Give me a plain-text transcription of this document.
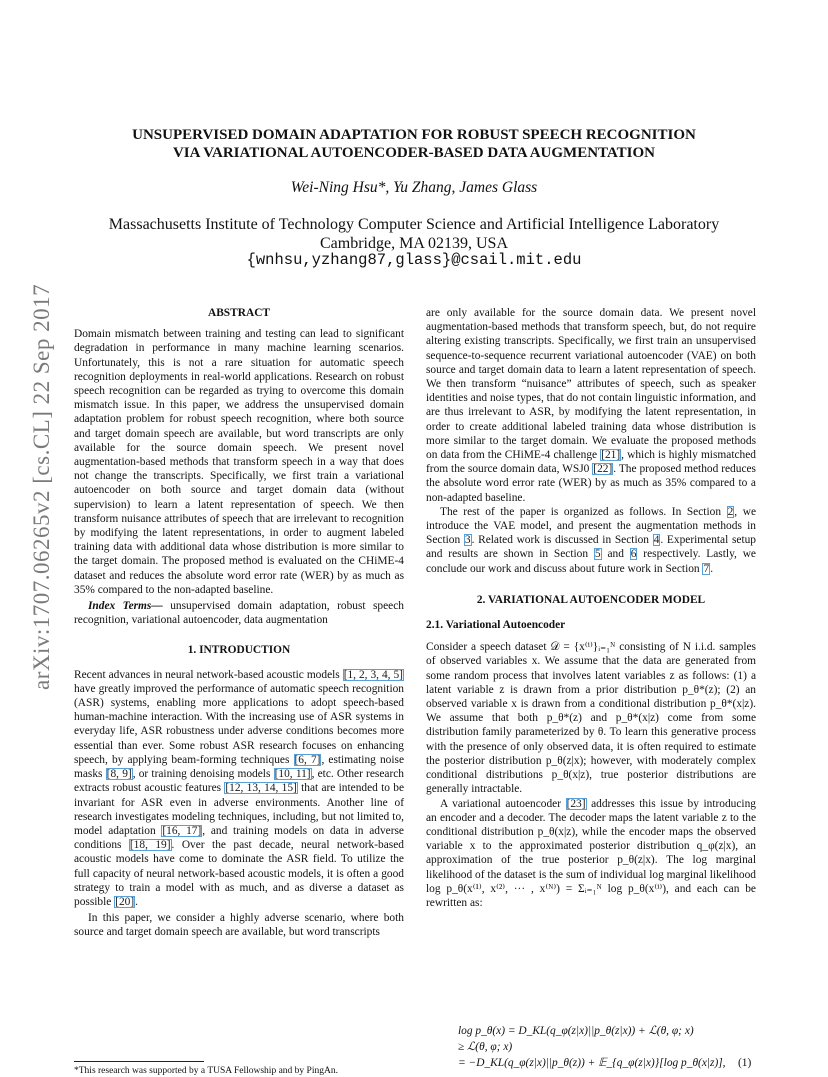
arXiv:1707.06265v2 [cs.CL] 22 Sep 2017
UNSUPERVISED DOMAIN ADAPTATION FOR ROBUST SPEECH RECOGNITION
VIA VARIATIONAL AUTOENCODER-BASED DATA AUGMENTATION
Wei-Ning Hsu*, Yu Zhang, James Glass
Massachusetts Institute of Technology Computer Science and Artificial Intelligence Laboratory
Cambridge, MA 02139, USA
{wnhsu,yzhang87,glass}@csail.mit.edu
ABSTRACT

Domain mismatch between training and testing can lead to significant degradation in performance in many machine learning scenarios. Unfortunately, this is not a rare situation for automatic speech recognition deployments in real-world applications. Research on robust speech recognition can be regarded as trying to overcome this domain mismatch issue. In this paper, we address the unsupervised domain adaptation problem for robust speech recognition, where both source and target domain speech are available, but word transcripts are only available for the source domain speech. We present novel augmentation-based methods that transform speech in a way that does not change the transcripts. Specifically, we first train a variational autoencoder on both source and target domain data (without supervision) to learn a latent representation of speech. We then transform nuisance attributes of speech that are irrelevant to recognition by modifying the latent representations, in order to augment labeled training data with additional data whose distribution is more similar to the target domain. The proposed method is evaluated on the CHiME-4 dataset and reduces the absolute word error rate (WER) by as much as 35% compared to the non-adapted baseline.

Index Terms— unsupervised domain adaptation, robust speech recognition, variational autoencoder, data augmentation

1. INTRODUCTION

Recent advances in neural network-based acoustic models [1, 2, 3, 4, 5] have greatly improved the performance of automatic speech recognition (ASR) systems, enabling more applications to adopt speech-based human-machine interaction. With the increasing use of ASR systems in everyday life, ASR robustness under adverse conditions becomes more essential than ever. Some robust ASR research focuses on enhancing speech, by applying beam-forming techniques [6, 7], estimating noise masks [8, 9], or training denoising models [10, 11], etc. Other research extracts robust acoustic features [12, 13, 14, 15] that are intended to be invariant for ASR even in adverse environments. Another line of research investigates modeling techniques, including, but not limited to, model adaptation [16, 17], and training models on data in adverse conditions [18, 19]. Over the past decade, neural network-based acoustic models have come to dominate the ASR field. To utilize the full capacity of neural network-based acoustic models, it is often a good strategy to train a model with as much, and as diverse a dataset as possible [20].

In this paper, we consider a highly adverse scenario, where both source and target domain speech are available, but word transcripts

*This research was supported by a TUSA Fellowship and by PingAn.

are only available for the source domain data. We present novel augmentation-based methods that transform speech, but, do not require altering existing transcripts. Specifically, we first train an unsupervised sequence-to-sequence recurrent variational autoencoder (VAE) on both source and target domain data to learn a latent representation of speech. We then transform “nuisance” attributes of speech, such as speaker identities and noise types, that do not contain linguistic information, and are thus irrelevant to ASR, by modifying the latent representation, in order to create additional labeled training data whose distribution is more similar to the target domain. We evaluate the proposed methods on data from the CHiME-4 challenge [21], which is highly mismatched from the source domain data, WSJ0 [22]. The proposed method reduces the absolute word error rate (WER) by as much as 35% compared to a non-adapted baseline.

The rest of the paper is organized as follows. In Section 2, we introduce the VAE model, and present the augmentation methods in Section 3. Related work is discussed in Section 4. Experimental setup and results are shown in Section 5 and 6 respectively. Lastly, we conclude our work and discuss about future work in Section 7.

2. VARIATIONAL AUTOENCODER MODEL
2.1. Variational Autoencoder

Consider a speech dataset 𝒟 = {x⁽ⁱ⁾}ᵢ₌₁ᴺ consisting of N i.i.d. samples of observed variables x. We assume that the data are generated from some random process that involves latent variables z as follows: (1) a latent variable z is drawn from a prior distribution p_θ*(z); (2) an observed variable x is drawn from a conditional distribution p_θ*(x|z). We assume that both p_θ*(z) and p_θ*(x|z) come from some distribution family parameterized by θ. To learn this generative process with the presence of only observed data, it is often required to estimate the posterior distribution p_θ(z|x); however, with moderately complex conditional distributions p_θ(x|z), true posterior distributions are generally intractable.

A variational autoencoder [23] addresses this issue by introducing an encoder and a decoder. The decoder maps the latent variable z to the conditional distribution p_θ(x|z), while the encoder maps the observed variable x to the approximated posterior distribution q_φ(z|x), an approximation of the true posterior p_θ(z|x). The log marginal likelihood of the dataset is the sum of individual log marginal likelihood log p_θ(x⁽¹⁾, x⁽²⁾, ··· , x⁽ᴺ⁾) = Σᵢ₌₁ᴺ log p_θ(x⁽ⁱ⁾), and each can be rewritten as:

log p_θ(x) = D_KL(q_φ(z|x)||p_θ(z|x)) + ℒ(θ, φ; x)
≥ ℒ(θ, φ; x)
= −D_KL(q_φ(z|x)||p_θ(z)) + 𝔼_{q_φ(z|x)}[log p_θ(x|z)], (1)
